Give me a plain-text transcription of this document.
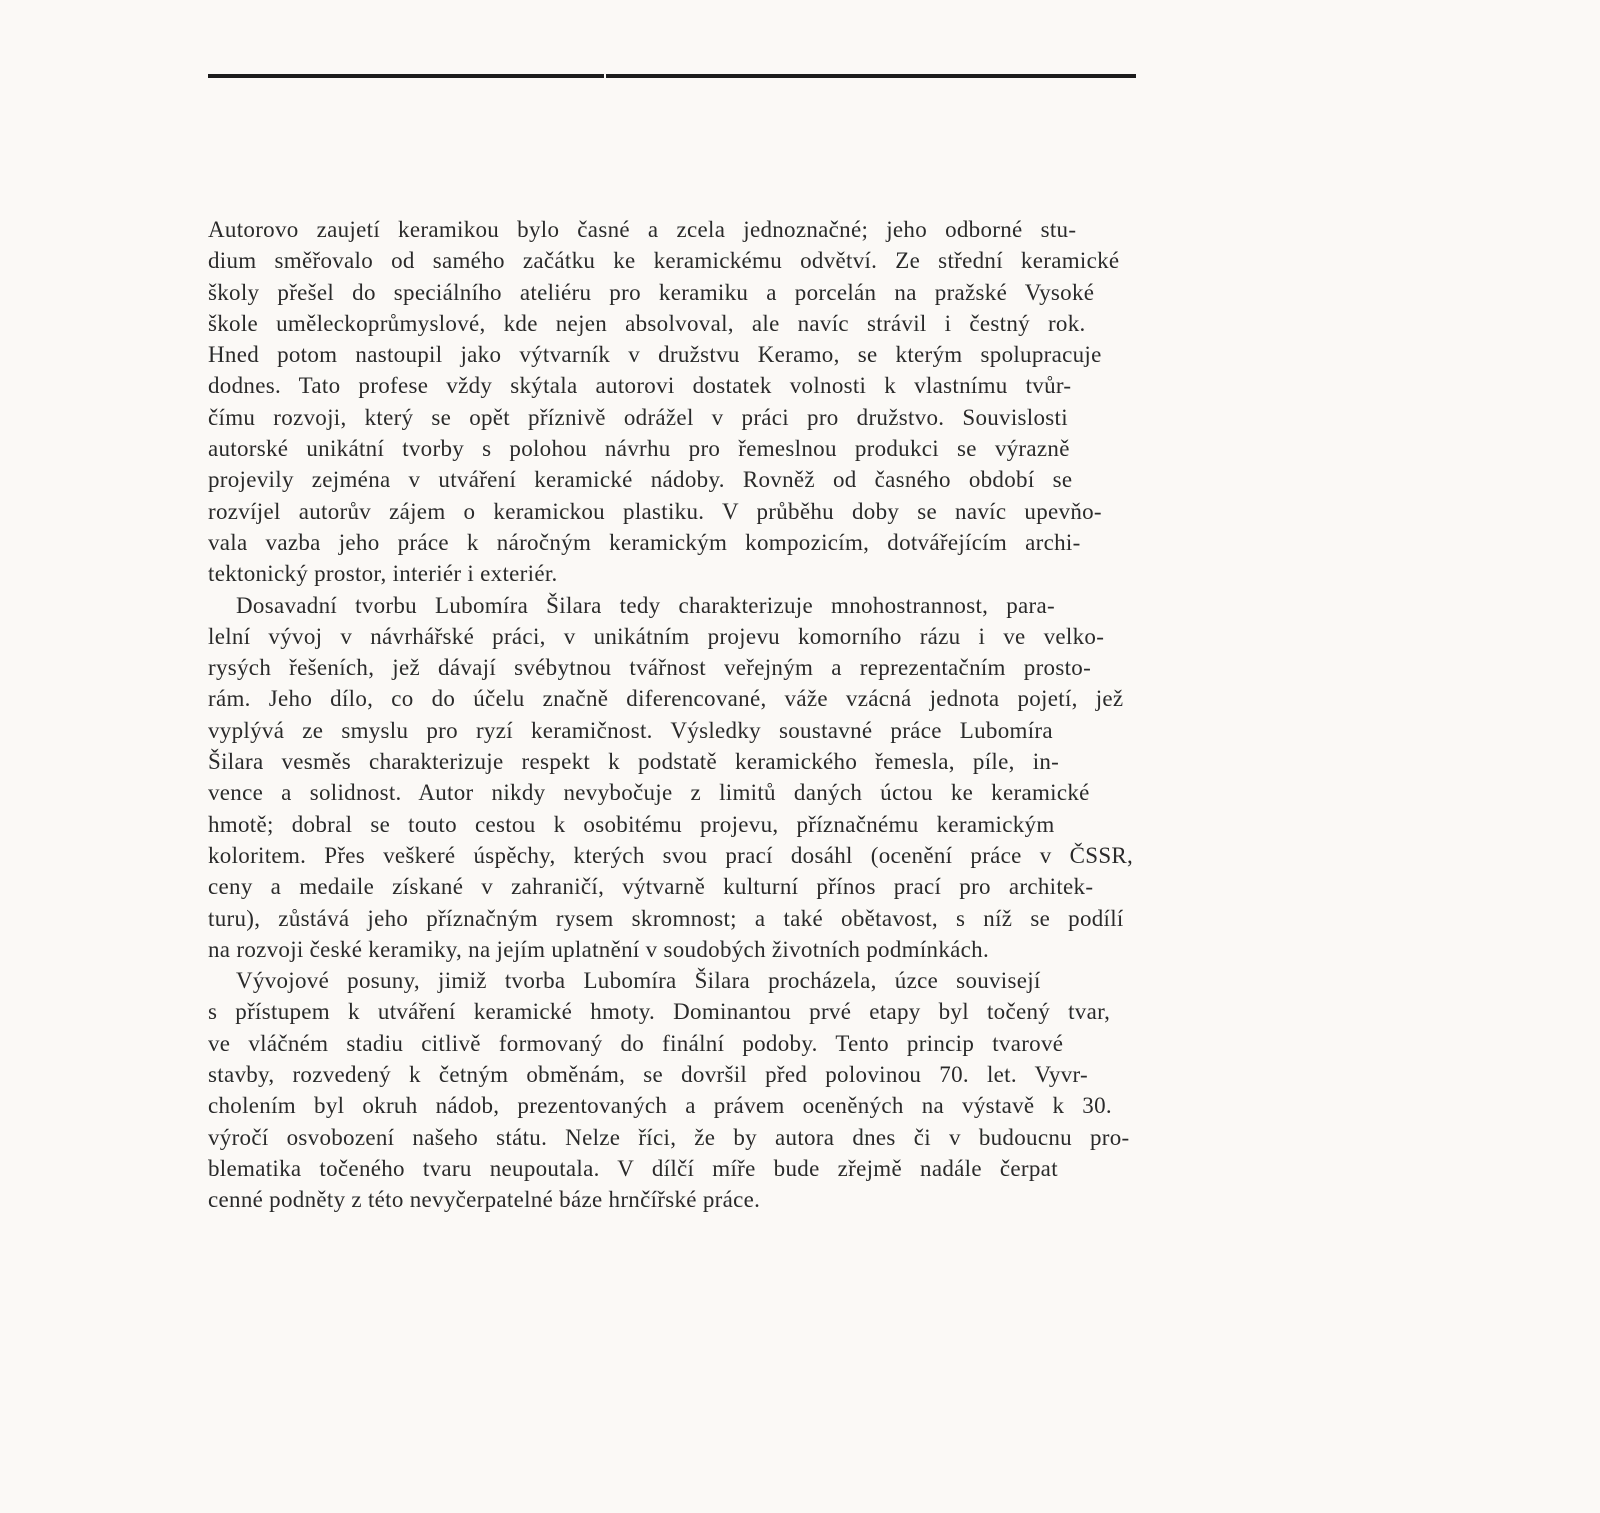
Autorovo zaujetí keramikou bylo časné a zcela jednoznačné; jeho odborné stu-
dium směřovalo od samého začátku ke keramickému odvětví. Ze střední keramické
školy přešel do speciálního ateliéru pro keramiku a porcelán na pražské Vysoké
škole uměleckoprůmyslové, kde nejen absolvoval, ale navíc strávil i čestný rok.
Hned potom nastoupil jako výtvarník v družstvu Keramo, se kterým spolupracuje
dodnes. Tato profese vždy skýtala autorovi dostatek volnosti k vlastnímu tvůr-
čímu rozvoji, který se opět příznivě odrážel v práci pro družstvo. Souvislosti
autorské unikátní tvorby s polohou návrhu pro řemeslnou produkci se výrazně
projevily zejména v utváření keramické nádoby. Rovněž od časného období se
rozvíjel autorův zájem o keramickou plastiku. V průběhu doby se navíc upevňo-
vala vazba jeho práce k náročným keramickým kompozicím, dotvářejícím archi-
tektonický prostor, interiér i exteriér.
Dosavadní tvorbu Lubomíra Šilara tedy charakterizuje mnohostrannost, para-
lelní vývoj v návrhářské práci, v unikátním projevu komorního rázu i ve velko-
rysých řešeních, jež dávají svébytnou tvářnost veřejným a reprezentačním prosto-
rám. Jeho dílo, co do účelu značně diferencované, váže vzácná jednota pojetí, jež
vyplývá ze smyslu pro ryzí keramičnost. Výsledky soustavné práce Lubomíra
Šilara vesměs charakterizuje respekt k podstatě keramického řemesla, píle, in-
vence a solidnost. Autor nikdy nevybočuje z limitů daných úctou ke keramické
hmotě; dobral se touto cestou k osobitému projevu, příznačnému keramickým
koloritem. Přes veškeré úspěchy, kterých svou prací dosáhl (ocenění práce v ČSSR,
ceny a medaile získané v zahraničí, výtvarně kulturní přínos prací pro architek-
turu), zůstává jeho příznačným rysem skromnost; a také obětavost, s níž se podílí
na rozvoji české keramiky, na jejím uplatnění v soudobých životních podmínkách.
Vývojové posuny, jimiž tvorba Lubomíra Šilara procházela, úzce souvisejí
s přístupem k utváření keramické hmoty. Dominantou prvé etapy byl točený tvar,
ve vláčném stadiu citlivě formovaný do finální podoby. Tento princip tvarové
stavby, rozvedený k četným obměnám, se dovršil před polovinou 70. let. Vyvr-
cholením byl okruh nádob, prezentovaných a právem oceněných na výstavě k 30.
výročí osvobození našeho státu. Nelze říci, že by autora dnes či v budoucnu pro-
blematika točeného tvaru neupoutala. V dílčí míře bude zřejmě nadále čerpat
cenné podněty z této nevyčerpatelné báze hrnčířské práce.
